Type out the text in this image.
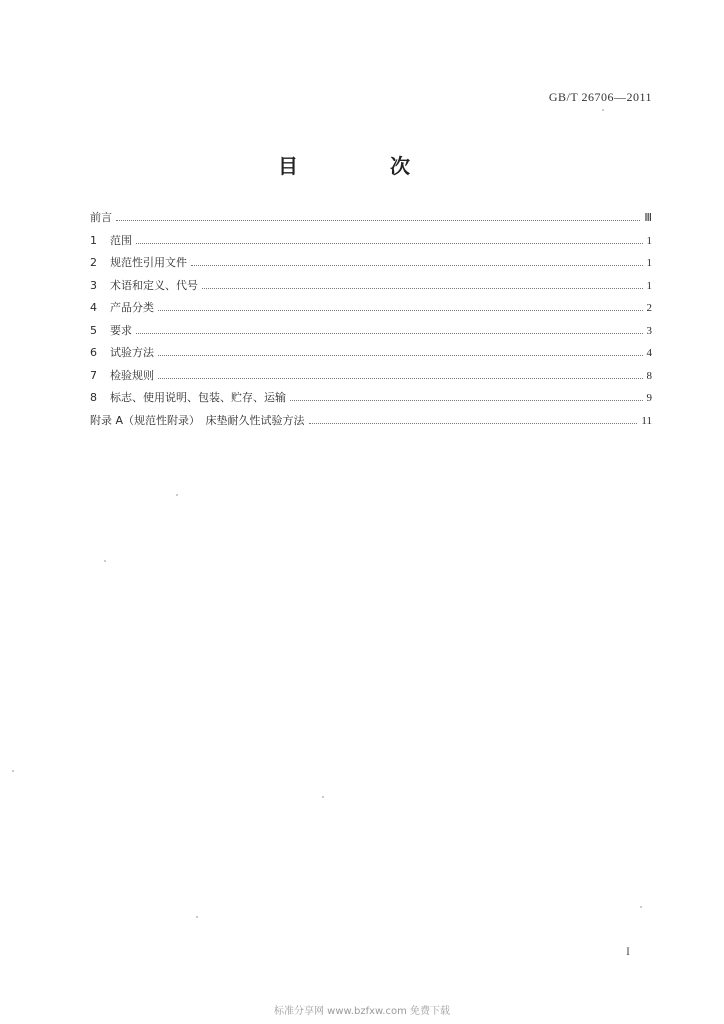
GB/T 26706—2011
目　次
前言	Ⅲ
1	范围	1
2	规范性引用文件	1
3	术语和定义、代号	1
4	产品分类	2
5	要求	3
6	试验方法	4
7	检验规则	8
8	标志、使用说明、包装、贮存、运输	9
附录 A（规范性附录）　床垫耐久性试验方法	11
I
标准分享网 www.bzfxw.com 免费下载
